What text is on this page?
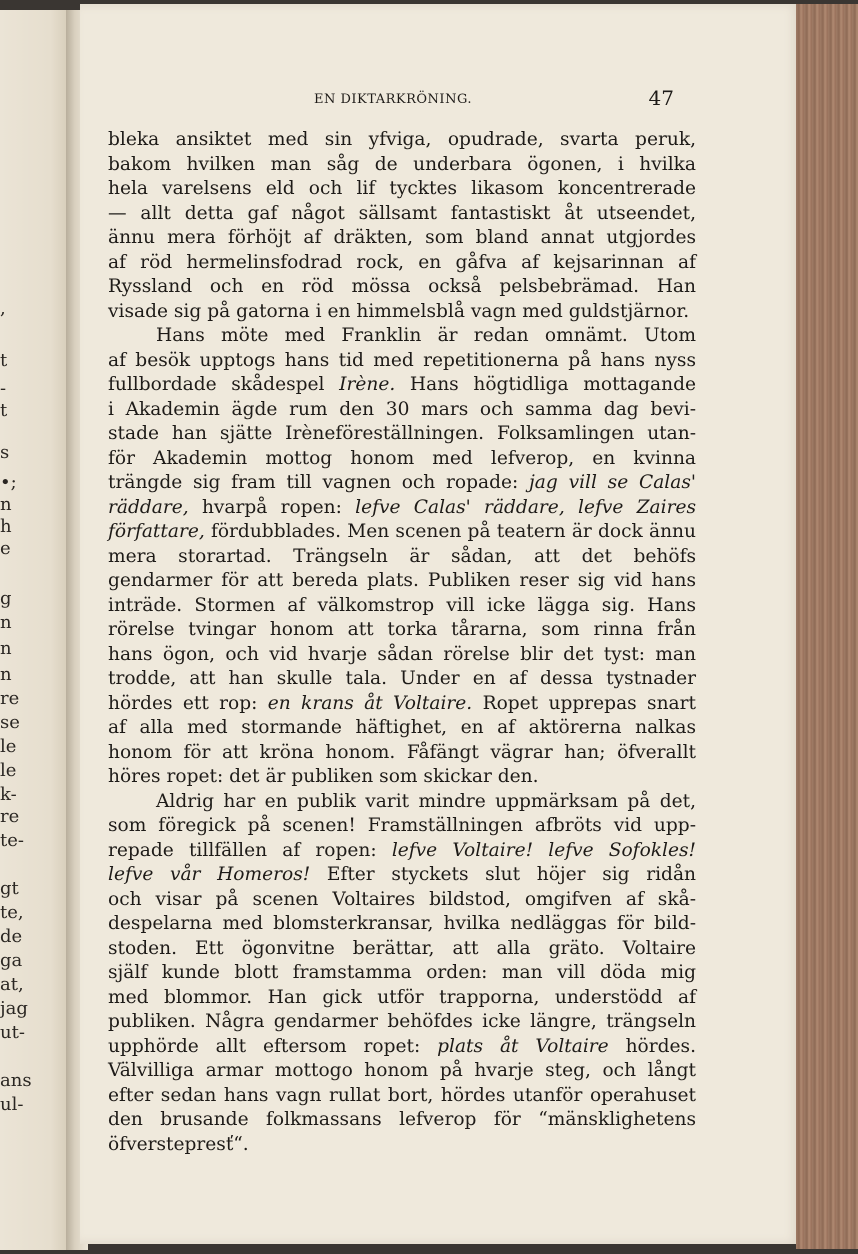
,
t
-
t
s
•;
n
h
e
g
n
n
n
re
se
le
le
k-
re
te-
gt
te,
de
ga
at,
jag
ut-
ans
ul-
EN DIKTARKRÖNING.	47
bleka ansiktet med sin yfviga, opudrade, svarta peruk,
bakom hvilken man såg de underbara ögonen, i hvilka
hela varelsens eld och lif tycktes likasom koncentrerade
— allt detta gaf något sällsamt fantastiskt åt utseendet,
ännu mera förhöjt af dräkten, som bland annat utgjordes
af röd hermelinsfodrad rock, en gåfva af kejsarinnan af
Ryssland och en röd mössa också pelsbebrämad. Han
visade sig på gatorna i en himmelsblå vagn med guldstjärnor.
Hans möte med Franklin är redan omnämt. Utom
af besök upptogs hans tid med repetitionerna på hans nyss
fullbordade skådespel Irène. Hans högtidliga mottagande
i Akademin ägde rum den 30 mars och samma dag bevi-
stade han sjätte Irèneföreställningen. Folksamlingen utan-
för Akademin mottog honom med lefverop, en kvinna
trängde sig fram till vagnen och ropade: jag vill se Calas'
räddare, hvarpå ropen: lefve Calas' räddare, lefve Zaires
författare, fördubblades. Men scenen på teatern är dock ännu
mera storartad. Trängseln är sådan, att det behöfs
gendarmer för att bereda plats. Publiken reser sig vid hans
inträde. Stormen af välkomstrop vill icke lägga sig. Hans
rörelse tvingar honom att torka tårarna, som rinna från
hans ögon, och vid hvarje sådan rörelse blir det tyst: man
trodde, att han skulle tala. Under en af dessa tystnader
hördes ett rop: en krans åt Voltaire. Ropet upprepas snart
af alla med stormande häftighet, en af aktörerna nalkas
honom för att kröna honom. Fåfängt vägrar han; öfverallt
höres ropet: det är publiken som skickar den.
Aldrig har en publik varit mindre uppmärksam på det,
som föregick på scenen! Framställningen afbröts vid upp-
repade tillfällen af ropen: lefve Voltaire! lefve Sofokles!
lefve vår Homeros! Efter styckets slut höjer sig ridån
och visar på scenen Voltaires bildstod, omgifven af skå-
despelarna med blomsterkransar, hvilka nedläggas för bild-
stoden. Ett ögonvitne berättar, att alla gräto. Voltaire
själf kunde blott framstamma orden: man vill döda mig
med blommor. Han gick utför trapporna, understödd af
publiken. Några gendarmer behöfdes icke längre, trängseln
upphörde allt eftersom ropet: plats åt Voltaire hördes.
Välvilliga armar mottogo honom på hvarje steg, och långt
efter sedan hans vagn rullat bort, hördes utanför operahuset
den brusande folkmassans lefverop för “mänsklighetens
öfverstepresť“.
